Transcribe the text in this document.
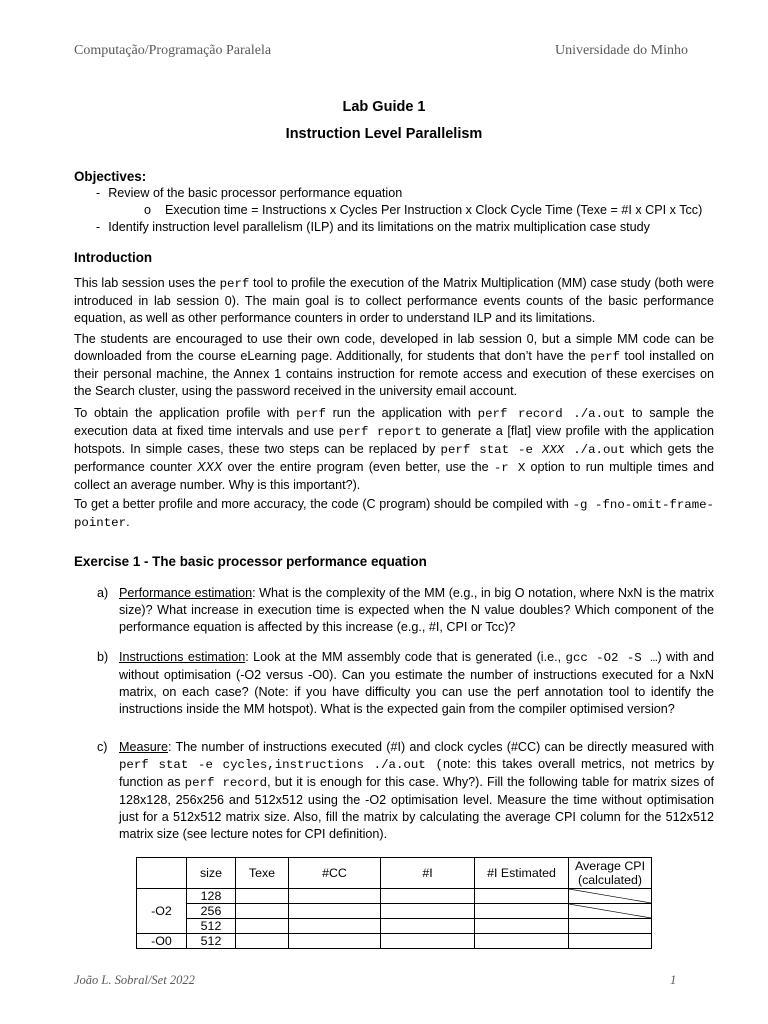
Computação/Programação Paralela	Universidade do Minho
Lab Guide 1
Instruction Level Parallelism
Objectives:
- Review of the basic processor performance equation
o Execution time = Instructions x Cycles Per Instruction x Clock Cycle Time (Texe = #I x CPI x Tcc)
- Identify instruction level parallelism (ILP) and its limitations on the matrix multiplication case study
Introduction
This lab session uses the perf tool to profile the execution of the Matrix Multiplication (MM) case study (both were introduced in lab session 0). The main goal is to collect performance events counts of the basic performance equation, as well as other performance counters in order to understand ILP and its limitations.
The students are encouraged to use their own code, developed in lab session 0, but a simple MM code can be downloaded from the course eLearning page. Additionally, for students that don’t have the perf tool installed on their personal machine, the Annex 1 contains instruction for remote access and execution of these exercises on the Search cluster, using the password received in the university email account.
To obtain the application profile with perf run the application with perf record ./a.out to sample the execution data at fixed time intervals and use perf report to generate a [flat] view profile with the application hotspots. In simple cases, these two steps can be replaced by perf stat -e XXX ./a.out which gets the performance counter XXX over the entire program (even better, use the -r X option to run multiple times and collect an average number. Why is this important?).
To get a better profile and more accuracy, the code (C program) should be compiled with -g -fno-omit-frame-pointer.
Exercise 1 - The basic processor performance equation
a) Performance estimation: What is the complexity of the MM (e.g., in big O notation, where NxN is the matrix size)? What increase in execution time is expected when the N value doubles? Which component of the performance equation is affected by this increase (e.g., #I, CPI or Tcc)?
b) Instructions estimation: Look at the MM assembly code that is generated (i.e., gcc -O2 -S …) with and without optimisation (-O2 versus -O0). Can you estimate the number of instructions executed for a NxN matrix, on each case? (Note: if you have difficulty you can use the perf annotation tool to identify the instructions inside the MM hotspot). What is the expected gain from the compiler optimised version?
c) Measure: The number of instructions executed (#I) and clock cycles (#CC) can be directly measured with perf stat -e cycles,instructions ./a.out (note: this takes overall metrics, not metrics by function as perf record, but it is enough for this case. Why?). Fill the following table for matrix sizes of 128x128, 256x256 and 512x512 using the -O2 optimisation level. Measure the time without optimisation just for a 512x512 matrix size. Also, fill the matrix by calculating the average CPI column for the 512x512 matrix size (see lecture notes for CPI definition).
	size	Texe	#CC	#I	#I Estimated	Average CPI
(calculated)

-O2	128					

	256					

	512					
-O0	512					
João L. Sobral/Set 2022	1
